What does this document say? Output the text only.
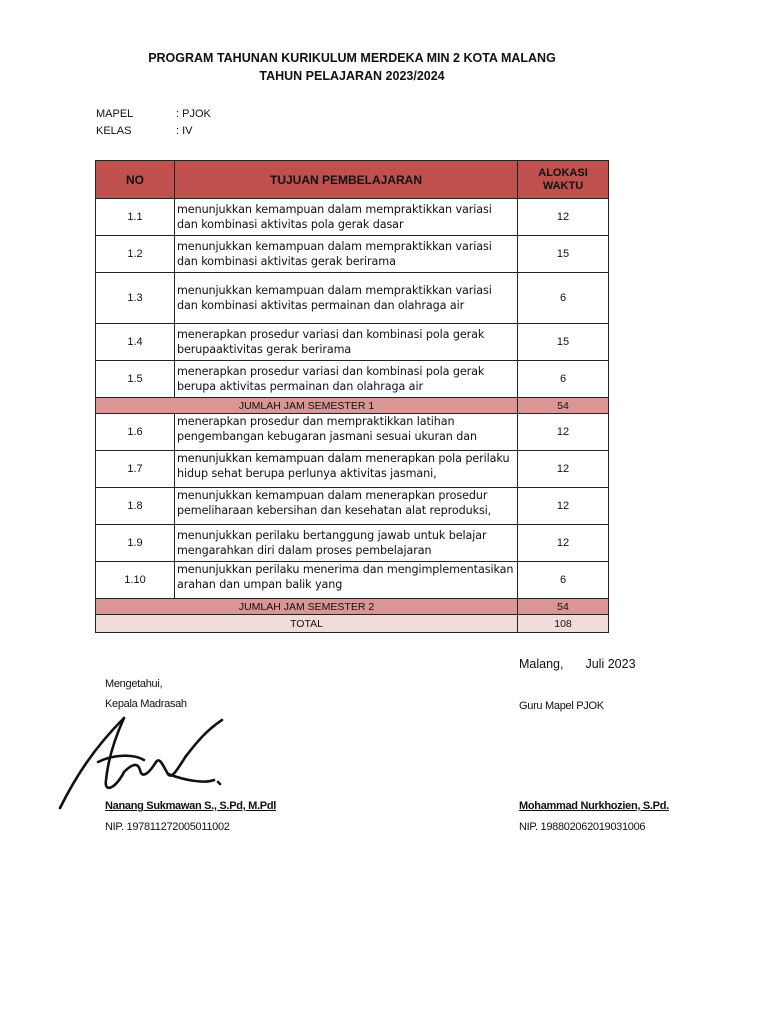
PROGRAM TAHUNAN KURIKULUM MERDEKA MIN 2 KOTA MALANG
TAHUN PELAJARAN 2023/2024
MAPEL	: PJOK
KELAS	: IV
NO	TUJUAN PEMBELAJARAN	ALOKASI
WAKTU

1.1	menunjukkan kemampuan dalam mempraktikkan variasi dan kombinasi aktivitas pola gerak dasar	12
1.2	menunjukkan kemampuan dalam mempraktikkan variasi dan kombinasi aktivitas gerak berirama	15
1.3	menunjukkan kemampuan dalam mempraktikkan variasi dan kombinasi aktivitas permainan dan olahraga air	6
1.4	menerapkan prosedur variasi dan kombinasi pola gerak berupaaktivitas gerak berirama	15
1.5	menerapkan prosedur variasi dan kombinasi pola gerak berupa aktivitas permainan dan olahraga air	6
JUMLAH JAM SEMESTER 1		54
1.6	menerapkan prosedur dan mempraktikkan latihan pengembangan kebugaran jasmani sesuai ukuran dan	12
1.7	menunjukkan kemampuan dalam menerapkan pola perilaku hidup sehat berupa perlunya aktivitas jasmani,	12
1.8	menunjukkan kemampuan dalam menerapkan prosedur pemeliharaan kebersihan dan kesehatan alat reproduksi,	12
1.9	menunjukkan perilaku bertanggung jawab untuk belajar mengarahkan diri dalam proses pembelajaran	12
1.10	menunjukkan perilaku menerima dan mengimplementasikan arahan dan umpan balik yang	6
JUMLAH JAM SEMESTER 2		54
TOTAL		108
Malang, Juli 2023
Mengetahui,
Kepala Madrasah
Nanang Sukmawan S., S.Pd, M.Pdl
NIP. 197811272005011002
Guru Mapel PJOK
Mohammad Nurkhozien, S.Pd.
NIP. 198802062019031006
